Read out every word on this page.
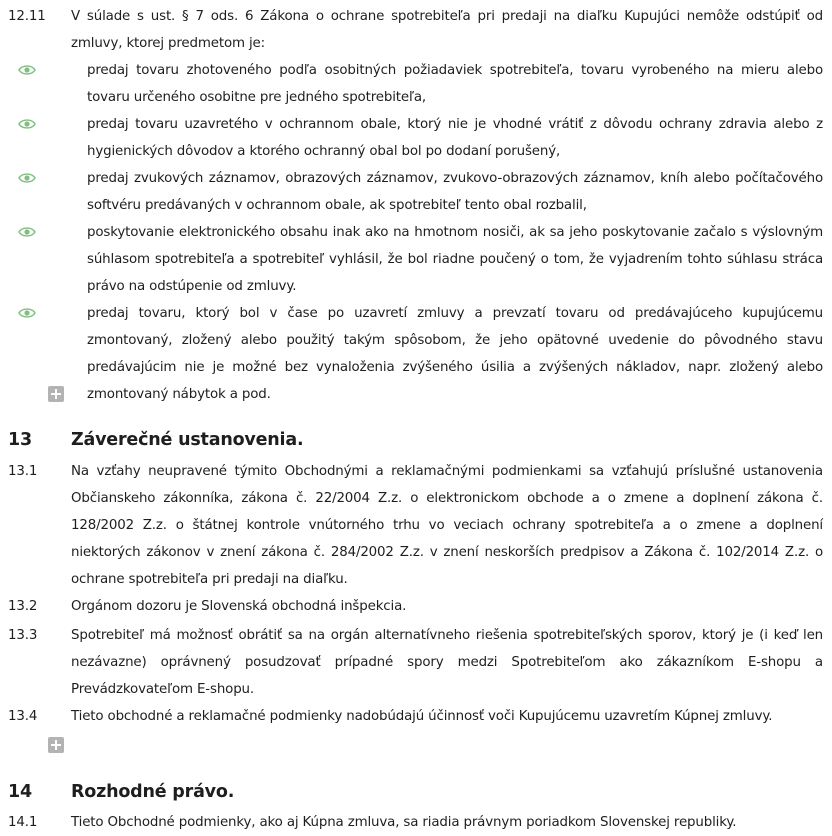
12.11 V súlade s ust. § 7 ods. 6 Zákona o ochrane spotrebiteľa pri predaji na diaľku Kupujúci nemôže odstúpiť od zmluvy, ktorej predmetom je:
predaj tovaru zhotoveného podľa osobitných požiadaviek spotrebiteľa, tovaru vyrobeného na mieru alebo tovaru určeného osobitne pre jedného spotrebiteľa,
predaj tovaru uzavretého v ochrannom obale, ktorý nie je vhodné vrátiť z dôvodu ochrany zdravia alebo z hygienických dôvodov a ktorého ochranný obal bol po dodaní porušený,
predaj zvukových záznamov, obrazových záznamov, zvukovo-obrazových záznamov, kníh alebo počítačového softvéru predávaných v ochrannom obale, ak spotrebiteľ tento obal rozbalil,
poskytovanie elektronického obsahu inak ako na hmotnom nosiči, ak sa jeho poskytovanie začalo s výslovným súhlasom spotrebiteľa a spotrebiteľ vyhlásil, že bol riadne poučený o tom, že vyjadrením tohto súhlasu stráca právo na odstúpenie od zmluvy.
predaj tovaru, ktorý bol v čase po uzavretí zmluvy a prevzatí tovaru od predávajúceho kupujúcemu zmontovaný, zložený alebo použitý takým spôsobom, že jeho opätovné uvedenie do pôvodného stavu predávajúcim nie je možné bez vynaloženia zvýšeného úsilia a zvýšených nákladov, napr. zložený alebo zmontovaný nábytok a pod.
13 Záverečné ustanovenia.
13.1	Na vzťahy neupravené týmito Obchodnými a reklamačnými podmienkami sa vzťahujú príslušné ustanovenia Občianskeho zákonníka, zákona č. 22/2004 Z.z. o elektronickom obchode a o zmene a doplnení zákona č. 128/2002 Z.z. o štátnej kontrole vnútorného trhu vo veciach ochrany spotrebiteľa a o zmene a doplnení niektorých zákonov v znení zákona č. 284/2002 Z.z. v znení neskorších predpisov a Zákona č. 102/2014 Z.z. o ochrane spotrebiteľa pri predaji na diaľku.
13.2	Orgánom dozoru je Slovenská obchodná inšpekcia.
13.3	Spotrebiteľ má možnosť obrátiť sa na orgán alternatívneho riešenia spotrebiteľských sporov, ktorý je (i keď len nezávazne) oprávnený posudzovať prípadné spory medzi Spotrebiteľom ako zákazníkom E-shopu a Prevádzkovateľom E-shopu.
13.4	Tieto obchodné a reklamačné podmienky nadobúdajú účinnosť voči Kupujúcemu uzavretím Kúpnej zmluvy.
14 Rozhodné právo.
14.1	Tieto Obchodné podmienky, ako aj Kúpna zmluva, sa riadia právnym poriadkom Slovenskej republiky.
